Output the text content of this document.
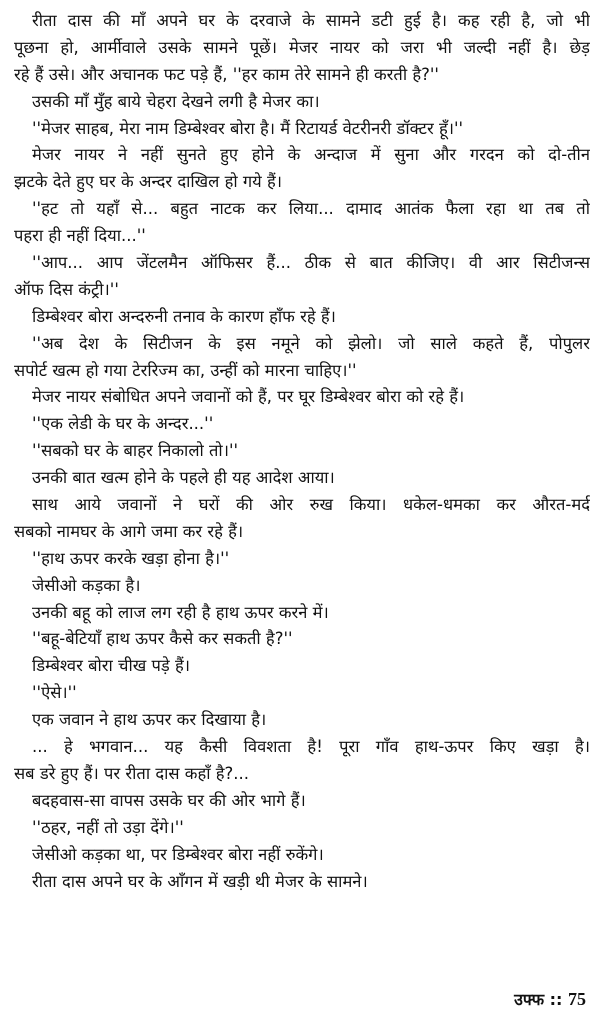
रीता दास की माँ अपने घर के दरवाजे के सामने डटी हुई है। कह रही है, जो भी
पूछना हो, आर्मीवाले उसके सामने पूछें। मेजर नायर को जरा भी जल्दी नहीं है। छेड़
रहे हैं उसे। और अचानक फट पड़े हैं, ''हर काम तेरे सामने ही करती है?''
उसकी माँ मुँह बाये चेहरा देखने लगी है मेजर का।
''मेजर साहब, मेरा नाम डिम्बेश्वर बोरा है। मैं रिटायर्ड वेटरीनरी डॉक्टर हूँ।''
मेजर नायर ने नहीं सुनते हुए होने के अन्दाज में सुना और गरदन को दो-तीन
झटके देते हुए घर के अन्दर दाखिल हो गये हैं।
''हट तो यहाँ से... बहुत नाटक कर लिया... दामाद आतंक फैला रहा था तब तो
पहरा ही नहीं दिया...''
''आप... आप जेंटलमैन ऑफिसर हैं... ठीक से बात कीजिए। वी आर सिटीजन्स
ऑफ दिस कंट्री।''
डिम्बेश्वर बोरा अन्दरुनी तनाव के कारण हाँफ रहे हैं।
''अब देश के सिटीजन के इस नमूने को झेलो। जो साले कहते हैं, पोपुलर
सपोर्ट खत्म हो गया टेररिज्म का, उन्हीं को मारना चाहिए।''
मेजर नायर संबोधित अपने जवानों को हैं, पर घूर डिम्बेश्वर बोरा को रहे हैं।
''एक लेडी के घर के अन्दर...''
''सबको घर के बाहर निकालो तो।''
उनकी बात खत्म होने के पहले ही यह आदेश आया।
साथ आये जवानों ने घरों की ओर रुख किया। धकेल-धमका कर औरत-मर्द
सबको नामघर के आगे जमा कर रहे हैं।
''हाथ ऊपर करके खड़ा होना है।''
जेसीओ कड़का है।
उनकी बहू को लाज लग रही है हाथ ऊपर करने में।
''बहू-बेटियाँ हाथ ऊपर कैसे कर सकती है?''
डिम्बेश्वर बोरा चीख पड़े हैं।
''ऐसे।''
एक जवान ने हाथ ऊपर कर दिखाया है।
... हे भगवान... यह कैसी विवशता है! पूरा गाँव हाथ-ऊपर किए खड़ा है।
सब डरे हुए हैं। पर रीता दास कहाँ है?...
बदहवास-सा वापस उसके घर की ओर भागे हैं।
''ठहर, नहीं तो उड़ा देंगे।''
जेसीओ कड़का था, पर डिम्बेश्वर बोरा नहीं रुकेंगे।
रीता दास अपने घर के आँगन में खड़ी थी मेजर के सामने।
उफ्फ :: 75
